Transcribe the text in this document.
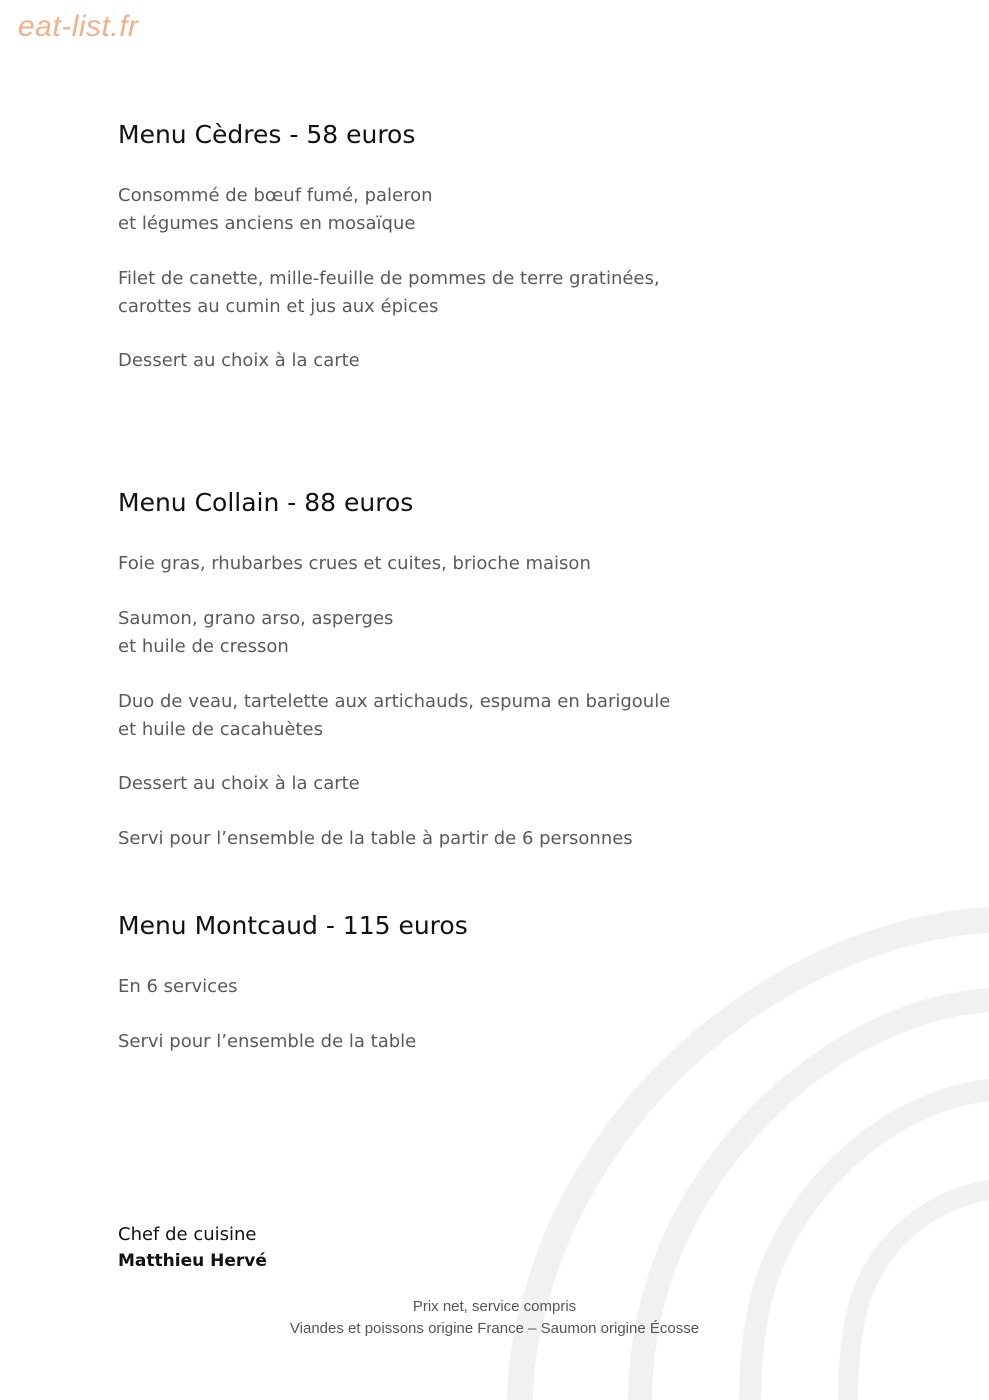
eat-list.fr
Menu Cèdres - 58 euros

Consommé de bœuf fumé, paleron

et légumes anciens en mosaïque

Filet de canette, mille-feuille de pommes de terre gratinées,

carottes au cumin et jus aux épices

Dessert au choix à la carte

Menu Collain - 88 euros

Foie gras, rhubarbes crues et cuites, brioche maison

Saumon, grano arso, asperges

et huile de cresson

Duo de veau, tartelette aux artichauds, espuma en barigoule

et huile de cacahuètes

Dessert au choix à la carte

Servi pour l’ensemble de la table à partir de 6 personnes

Menu Montcaud - 115 euros

En 6 services

Servi pour l’ensemble de la table

Chef de cuisine

Matthieu Hervé

Prix net, service compris

Viandes et poissons origine France – Saumon origine Écosse
